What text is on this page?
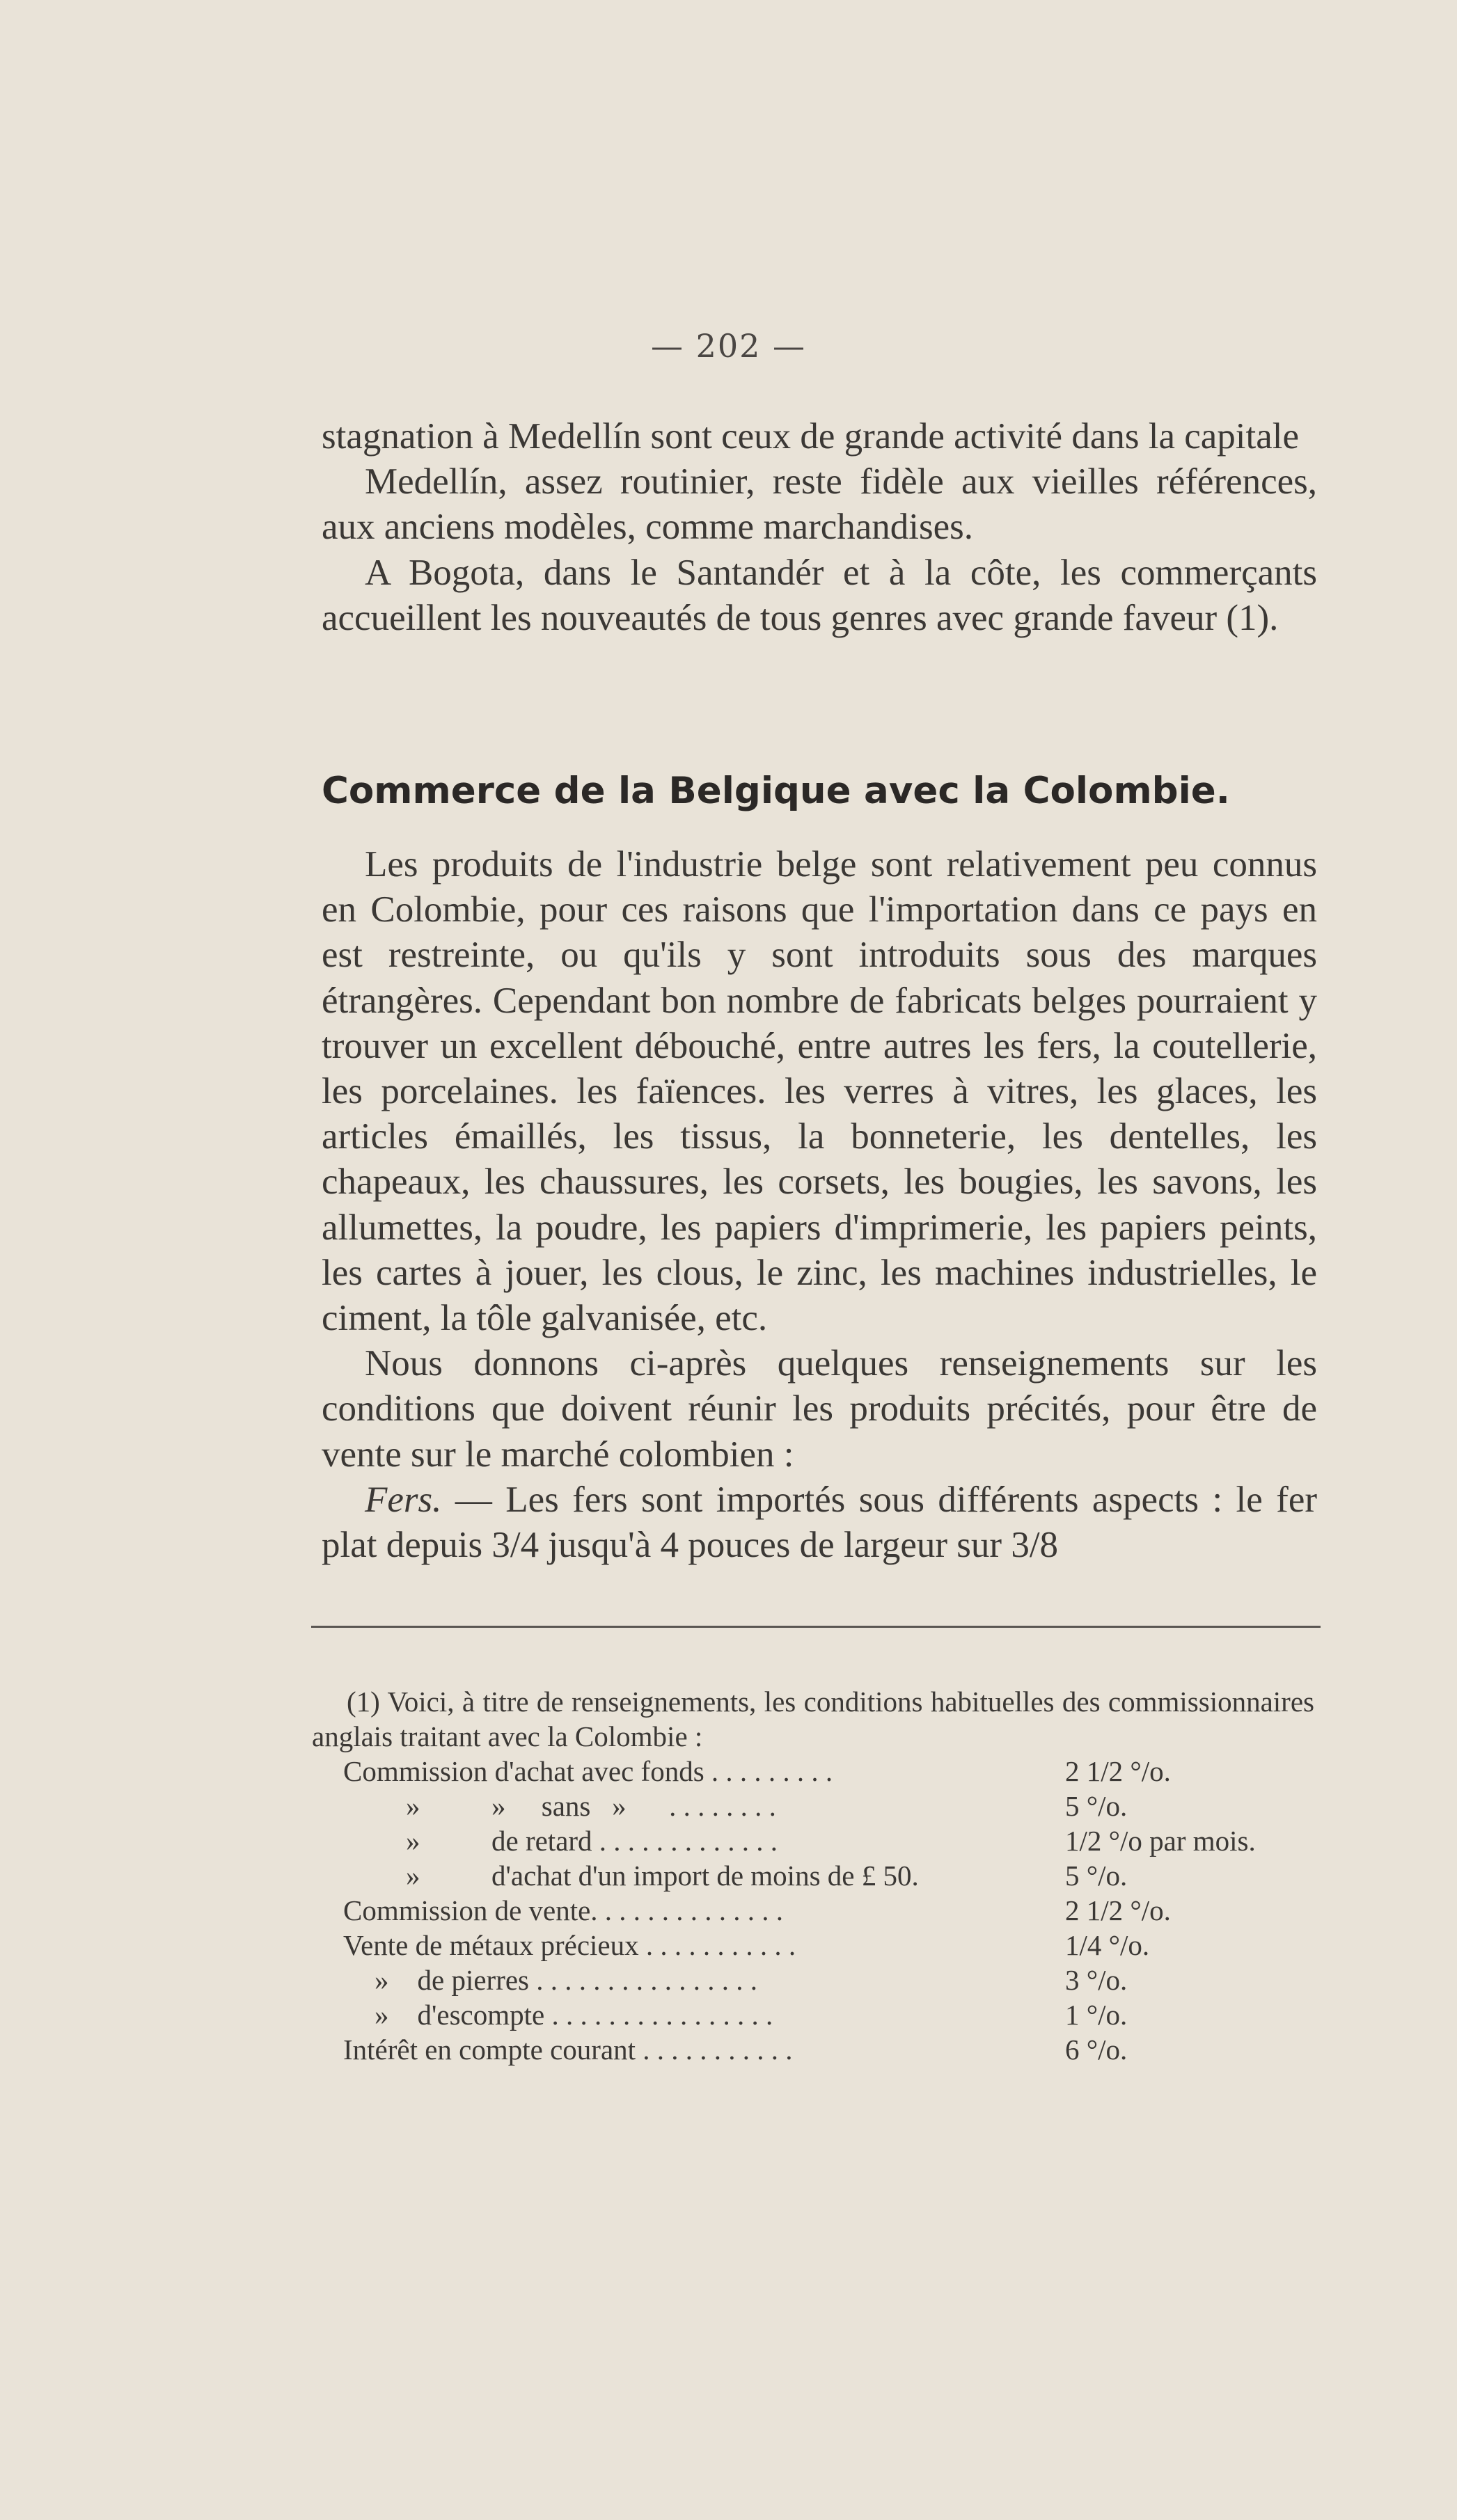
— 202 —

stagnation à Medellín sont ceux de grande activité dans la capitale

Medellín, assez routinier, reste fidèle aux vieilles références, aux anciens modèles, comme marchandises.

A Bogota, dans le Santandér et à la côte, les commerçants accueillent les nouveautés de tous genres avec grande faveur (1).

Commerce de la Belgique avec la Colombie.

Les produits de l'industrie belge sont relativement peu connus en Colombie, pour ces raisons que l'importation dans ce pays en est restreinte, ou qu'ils y sont introduits sous des marques étrangères. Cependant bon nombre de fabricats belges pourraient y trouver un excellent débouché, entre autres les fers, la coutellerie, les porcelaines. les faïences. les verres à vitres, les glaces, les articles émaillés, les tissus, la bonneterie, les dentelles, les chapeaux, les chaussures, les corsets, les bougies, les savons, les allumettes, la poudre, les papiers d'imprimerie, les papiers peints, les cartes à jouer, les clous, le zinc, les machines industrielles, le ciment, la tôle galvanisée, etc.

Nous donnons ci-après quelques renseignements sur les conditions que doivent réunir les produits précités, pour être de vente sur le marché colombien :

Fers. — Les fers sont importés sous différents aspects : le fer plat depuis 3/4 jusqu'à 4 pouces de largeur sur 3/8

(1) Voici, à titre de renseignements, les conditions habituelles des commissionnaires anglais traitant avec la Colombie :

Commission d'achat avec fonds . . . . . . . . .	2 1/2 °/o.
»          »     sans   »      . . . . . . . .	5 °/o.
»          de retard . . . . . . . . . . . . .	1/2 °/o par mois.
»          d'achat d'un import de moins de £ 50.	5 °/o.
Commission de vente. . . . . . . . . . . . . .	2 1/2 °/o.
Vente de métaux précieux . . . . . . . . . . .	1/4 °/o.
»    de pierres . . . . . . . . . . . . . . . .	3 °/o.
»    d'escompte . . . . . . . . . . . . . . . .	1 °/o.
Intérêt en compte courant . . . . . . . . . . .	6 °/o.
